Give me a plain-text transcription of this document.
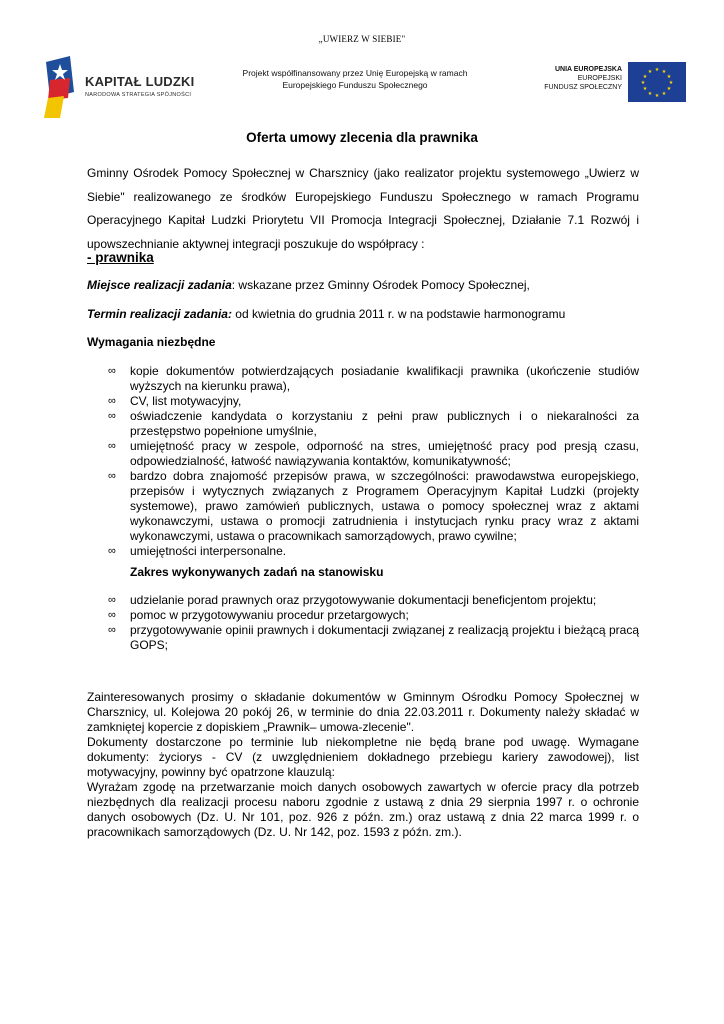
„UWIERZ W SIEBIE"
KAPITAŁ LUDZKI
NARODOWA STRATEGIA SPÓJNOŚCI
Projekt współfinansowany przez Unię Europejską w ramach
Europejskiego Funduszu Społecznego
UNIA EUROPEJSKA
EUROPEJSKI
FUNDUSZ SPOŁECZNY
★ ★
★
★
★
★
★
★
★
★
★
★
Oferta umowy zlecenia dla prawnika
Gminny Ośrodek Pomocy Społecznej w Charsznicy (jako realizator projektu systemowego „Uwierz w Siebie" realizowanego ze środków Europejskiego Funduszu Społecznego w ramach Programu Operacyjnego Kapitał Ludzki Priorytetu VII Promocja Integracji Społecznej, Działanie 7.1 Rozwój i upowszechnianie aktywnej integracji poszukuje do współpracy :
- prawnika
Miejsce realizacji zadania: wskazane przez Gminny Ośrodek Pomocy Społecznej,
Termin realizacji zadania: od kwietnia do grudnia 2011 r. w na podstawie harmonogramu
Wymagania niezbędne
∞ kopie dokumentów potwierdzających posiadanie kwalifikacji prawnika (ukończenie studiów wyższych na kierunku prawa),
∞ CV, list motywacyjny,
∞ oświadczenie kandydata o korzystaniu z pełni praw publicznych i o niekaralności za przestępstwo popełnione umyślnie,
∞ umiejętność pracy w zespole, odporność na stres, umiejętność pracy pod presją czasu, odpowiedzialność, łatwość nawiązywania kontaktów, komunikatywność;
∞ bardzo dobra znajomość przepisów prawa, w szczególności: prawodawstwa europejskiego, przepisów i wytycznych związanych z Programem Operacyjnym Kapitał Ludzki (projekty systemowe), prawo zamówień publicznych, ustawa o pomocy społecznej wraz z aktami wykonawczymi, ustawa o promocji zatrudnienia i instytucjach rynku pracy wraz z aktami wykonawczymi, ustawa o pracownikach samorządowych, prawo cywilne;
∞ umiejętności interpersonalne.
Zakres wykonywanych zadań na stanowisku
∞ udzielanie porad prawnych oraz przygotowywanie dokumentacji beneficjentom projektu;
∞ pomoc w przygotowywaniu procedur przetargowych;
∞ przygotowywanie opinii prawnych i dokumentacji związanej z realizacją projektu i bieżącą pracą GOPS;

Zainteresowanych prosimy o składanie dokumentów w Gminnym Ośrodku Pomocy Społecznej w Charsznicy, ul. Kolejowa 20 pokój 26, w terminie do dnia 22.03.2011 r. Dokumenty należy składać w zamkniętej kopercie z dopiskiem „Prawnik– umowa-zlecenie".

Dokumenty dostarczone po terminie lub niekompletne nie będą brane pod uwagę. Wymagane dokumenty: życiorys - CV (z uwzględnieniem dokładnego przebiegu kariery zawodowej), list motywacyjny, powinny być opatrzone klauzulą:

Wyrażam zgodę na przetwarzanie moich danych osobowych zawartych w ofercie pracy dla potrzeb niezbędnych dla realizacji procesu naboru zgodnie z ustawą z dnia 29 sierpnia 1997 r. o ochronie danych osobowych (Dz. U. Nr 101, poz. 926 z późn. zm.) oraz ustawą z dnia 22 marca 1999 r. o pracownikach samorządowych (Dz. U. Nr 142, poz. 1593 z późn. zm.).
